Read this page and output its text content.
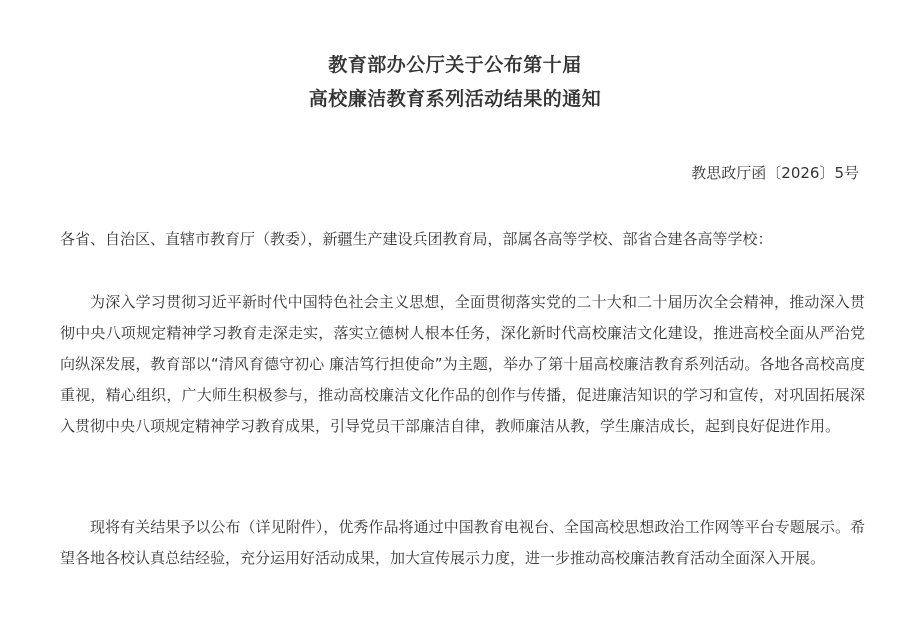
教育部办公厅关于公布第十届
高校廉洁教育系列活动结果的通知
教思政厅函〔2026〕5号
各省、自治区、直辖市教育厅（教委），新疆生产建设兵团教育局，部属各高等学校、部省合建各高等学校：

为深入学习贯彻习近平新时代中国特色社会主义思想，全面贯彻落实党的二十大和二十届历次全会精神，推动深入贯彻中央八项规定精神学习教育走深走实，落实立德树人根本任务，深化新时代高校廉洁文化建设，推进高校全面从严治党向纵深发展，教育部以“清风育德守初心 廉洁笃行担使命”为主题，举办了第十届高校廉洁教育系列活动。各地各高校高度重视，精心组织，广大师生积极参与，推动高校廉洁文化作品的创作与传播，促进廉洁知识的学习和宣传，对巩固拓展深入贯彻中央八项规定精神学习教育成果，引导党员干部廉洁自律，教师廉洁从教，学生廉洁成长，起到良好促进作用。

现将有关结果予以公布（详见附件），优秀作品将通过中国教育电视台、全国高校思想政治工作网等平台专题展示。希望各地各校认真总结经验，充分运用好活动成果，加大宣传展示力度，进一步推动高校廉洁教育活动全面深入开展。
